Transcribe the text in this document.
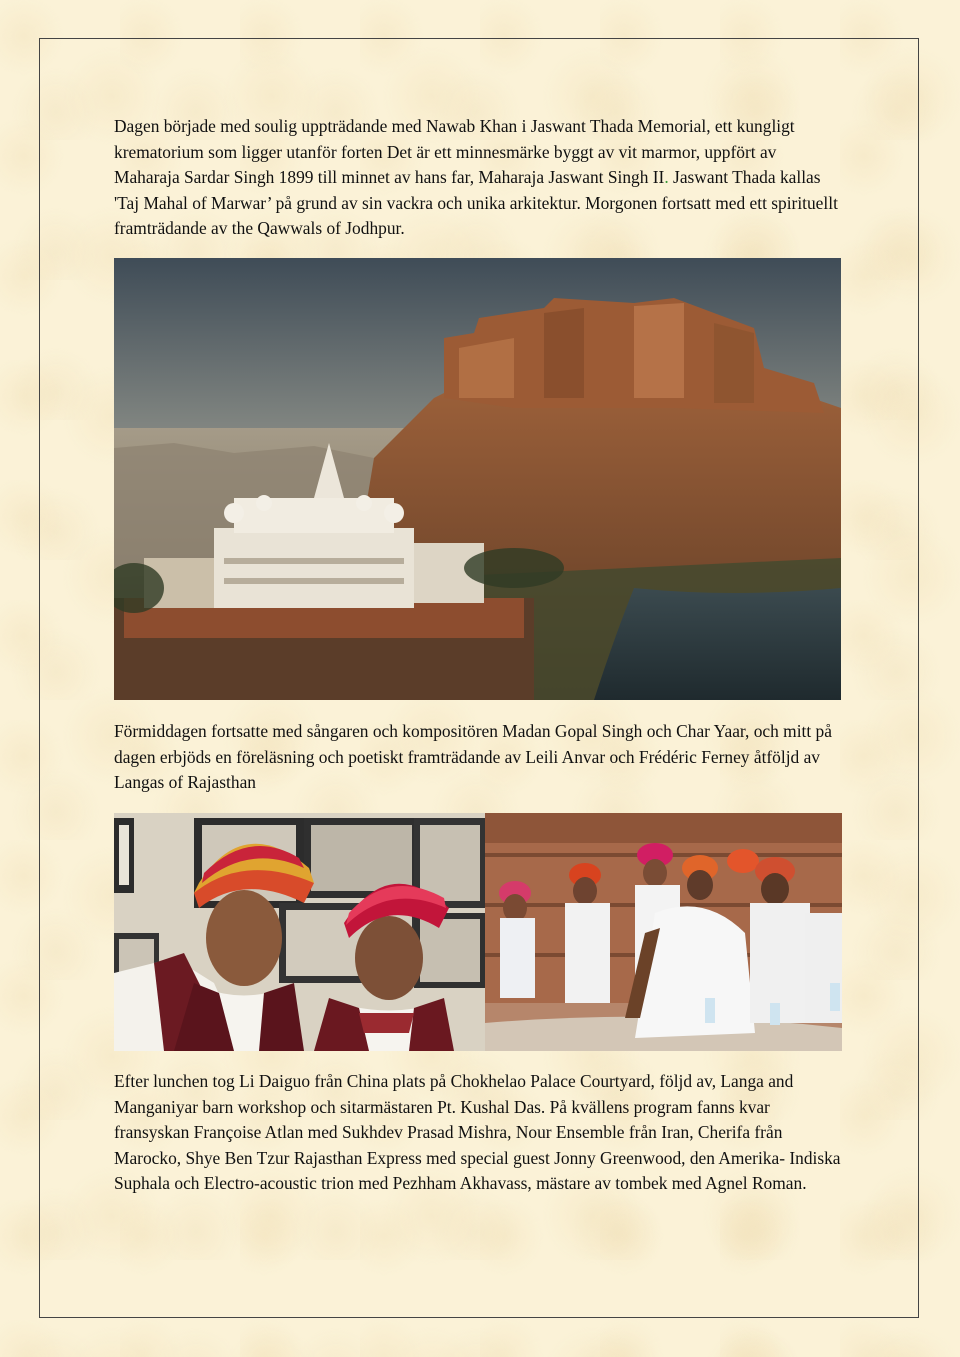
Dagen började med soulig uppträdande med Nawab Khan i Jaswant Thada Memorial, ett kungligt krematorium som ligger utanför forten Det är ett minnesmärke byggt av vit marmor, uppfört av Maharaja Sardar Singh 1899 till minnet av hans far, Maharaja Jaswant Singh II. Jaswant Thada kallas 'Taj Mahal of Marwar’ på grund av sin vackra och unika arkitektur. Morgonen fortsatt med ett spirituellt framträdande av the Qawwals of Jodhpur.

Förmiddagen fortsatte med sångaren och kompositören Madan Gopal Singh och Char Yaar, och mitt på dagen erbjöds en föreläsning och poetiskt framträdande av Leili Anvar och Frédéric Ferney åtföljd av Langas of Rajasthan

Efter lunchen tog Li Daiguo från China plats på Chokhelao Palace Courtyard, följd av, Langa and Manganiyar barn workshop och sitarmästaren Pt. Kushal Das. På kvällens program fanns kvar fransyskan Françoise Atlan med Sukhdev Prasad Mishra, Nour Ensemble från Iran, Cherifa från Marocko, Shye Ben Tzur Rajasthan Express med special guest Jonny Greenwood, den Amerika- Indiska Suphala och Electro-acoustic trion med Pezhham Akhavass, mästare av tombek med Agnel Roman.
